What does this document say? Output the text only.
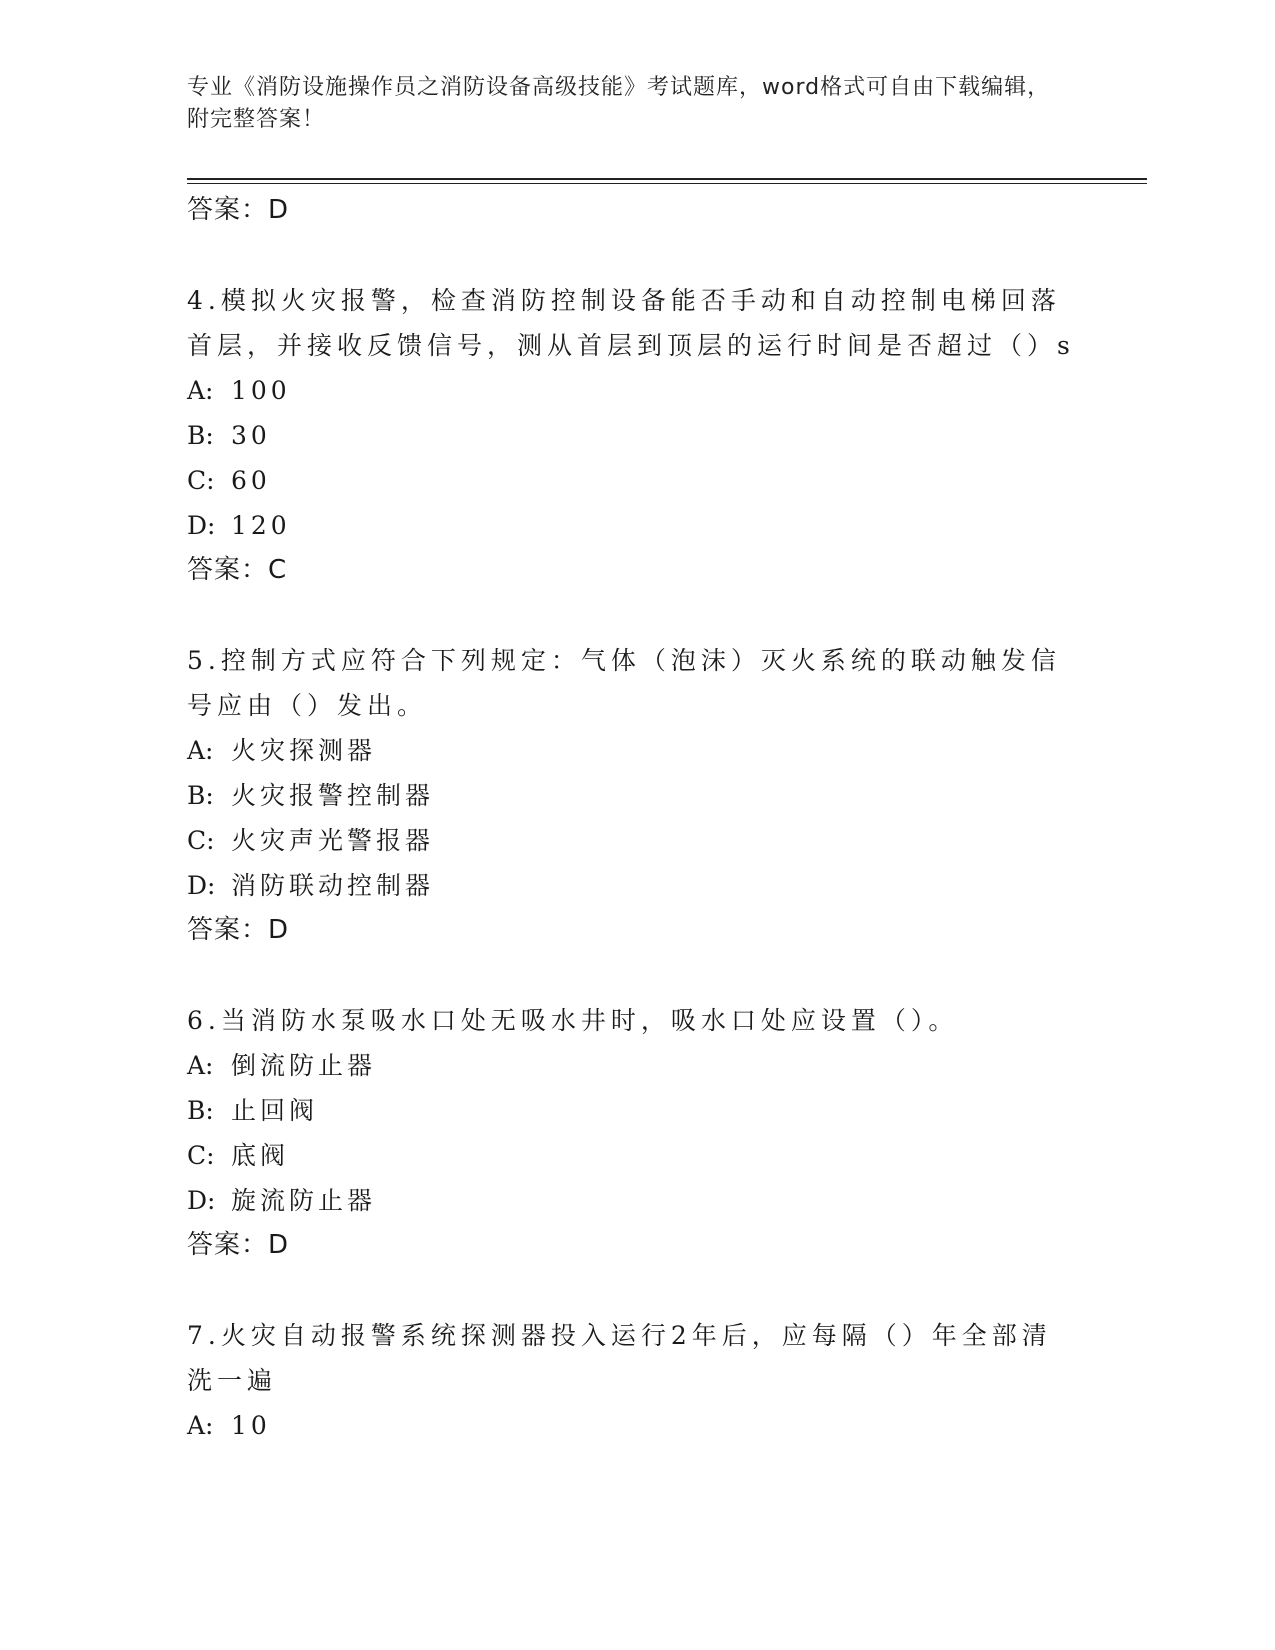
专业《消防设施操作员之消防设备高级技能》考试题库，word格式可自由下载编辑，附完整答案！
答案：D
4.模拟火灾报警，检查消防控制设备能否手动和自动控制电梯回落首层，并接收反馈信号，测从首层到顶层的运行时间是否超过（）s
A: 100
B: 30
C: 60
D: 120
答案：C
5.控制方式应符合下列规定：气体（泡沫）灭火系统的联动触发信号应由（）发出。
A: 火灾探测器
B: 火灾报警控制器
C: 火灾声光警报器
D: 消防联动控制器
答案：D
6.当消防水泵吸水口处无吸水井时，吸水口处应设置（）。
A: 倒流防止器
B: 止回阀
C: 底阀
D: 旋流防止器
答案：D
7.火灾自动报警系统探测器投入运行2年后，应每隔（）年全部清洗一遍
A: 10
